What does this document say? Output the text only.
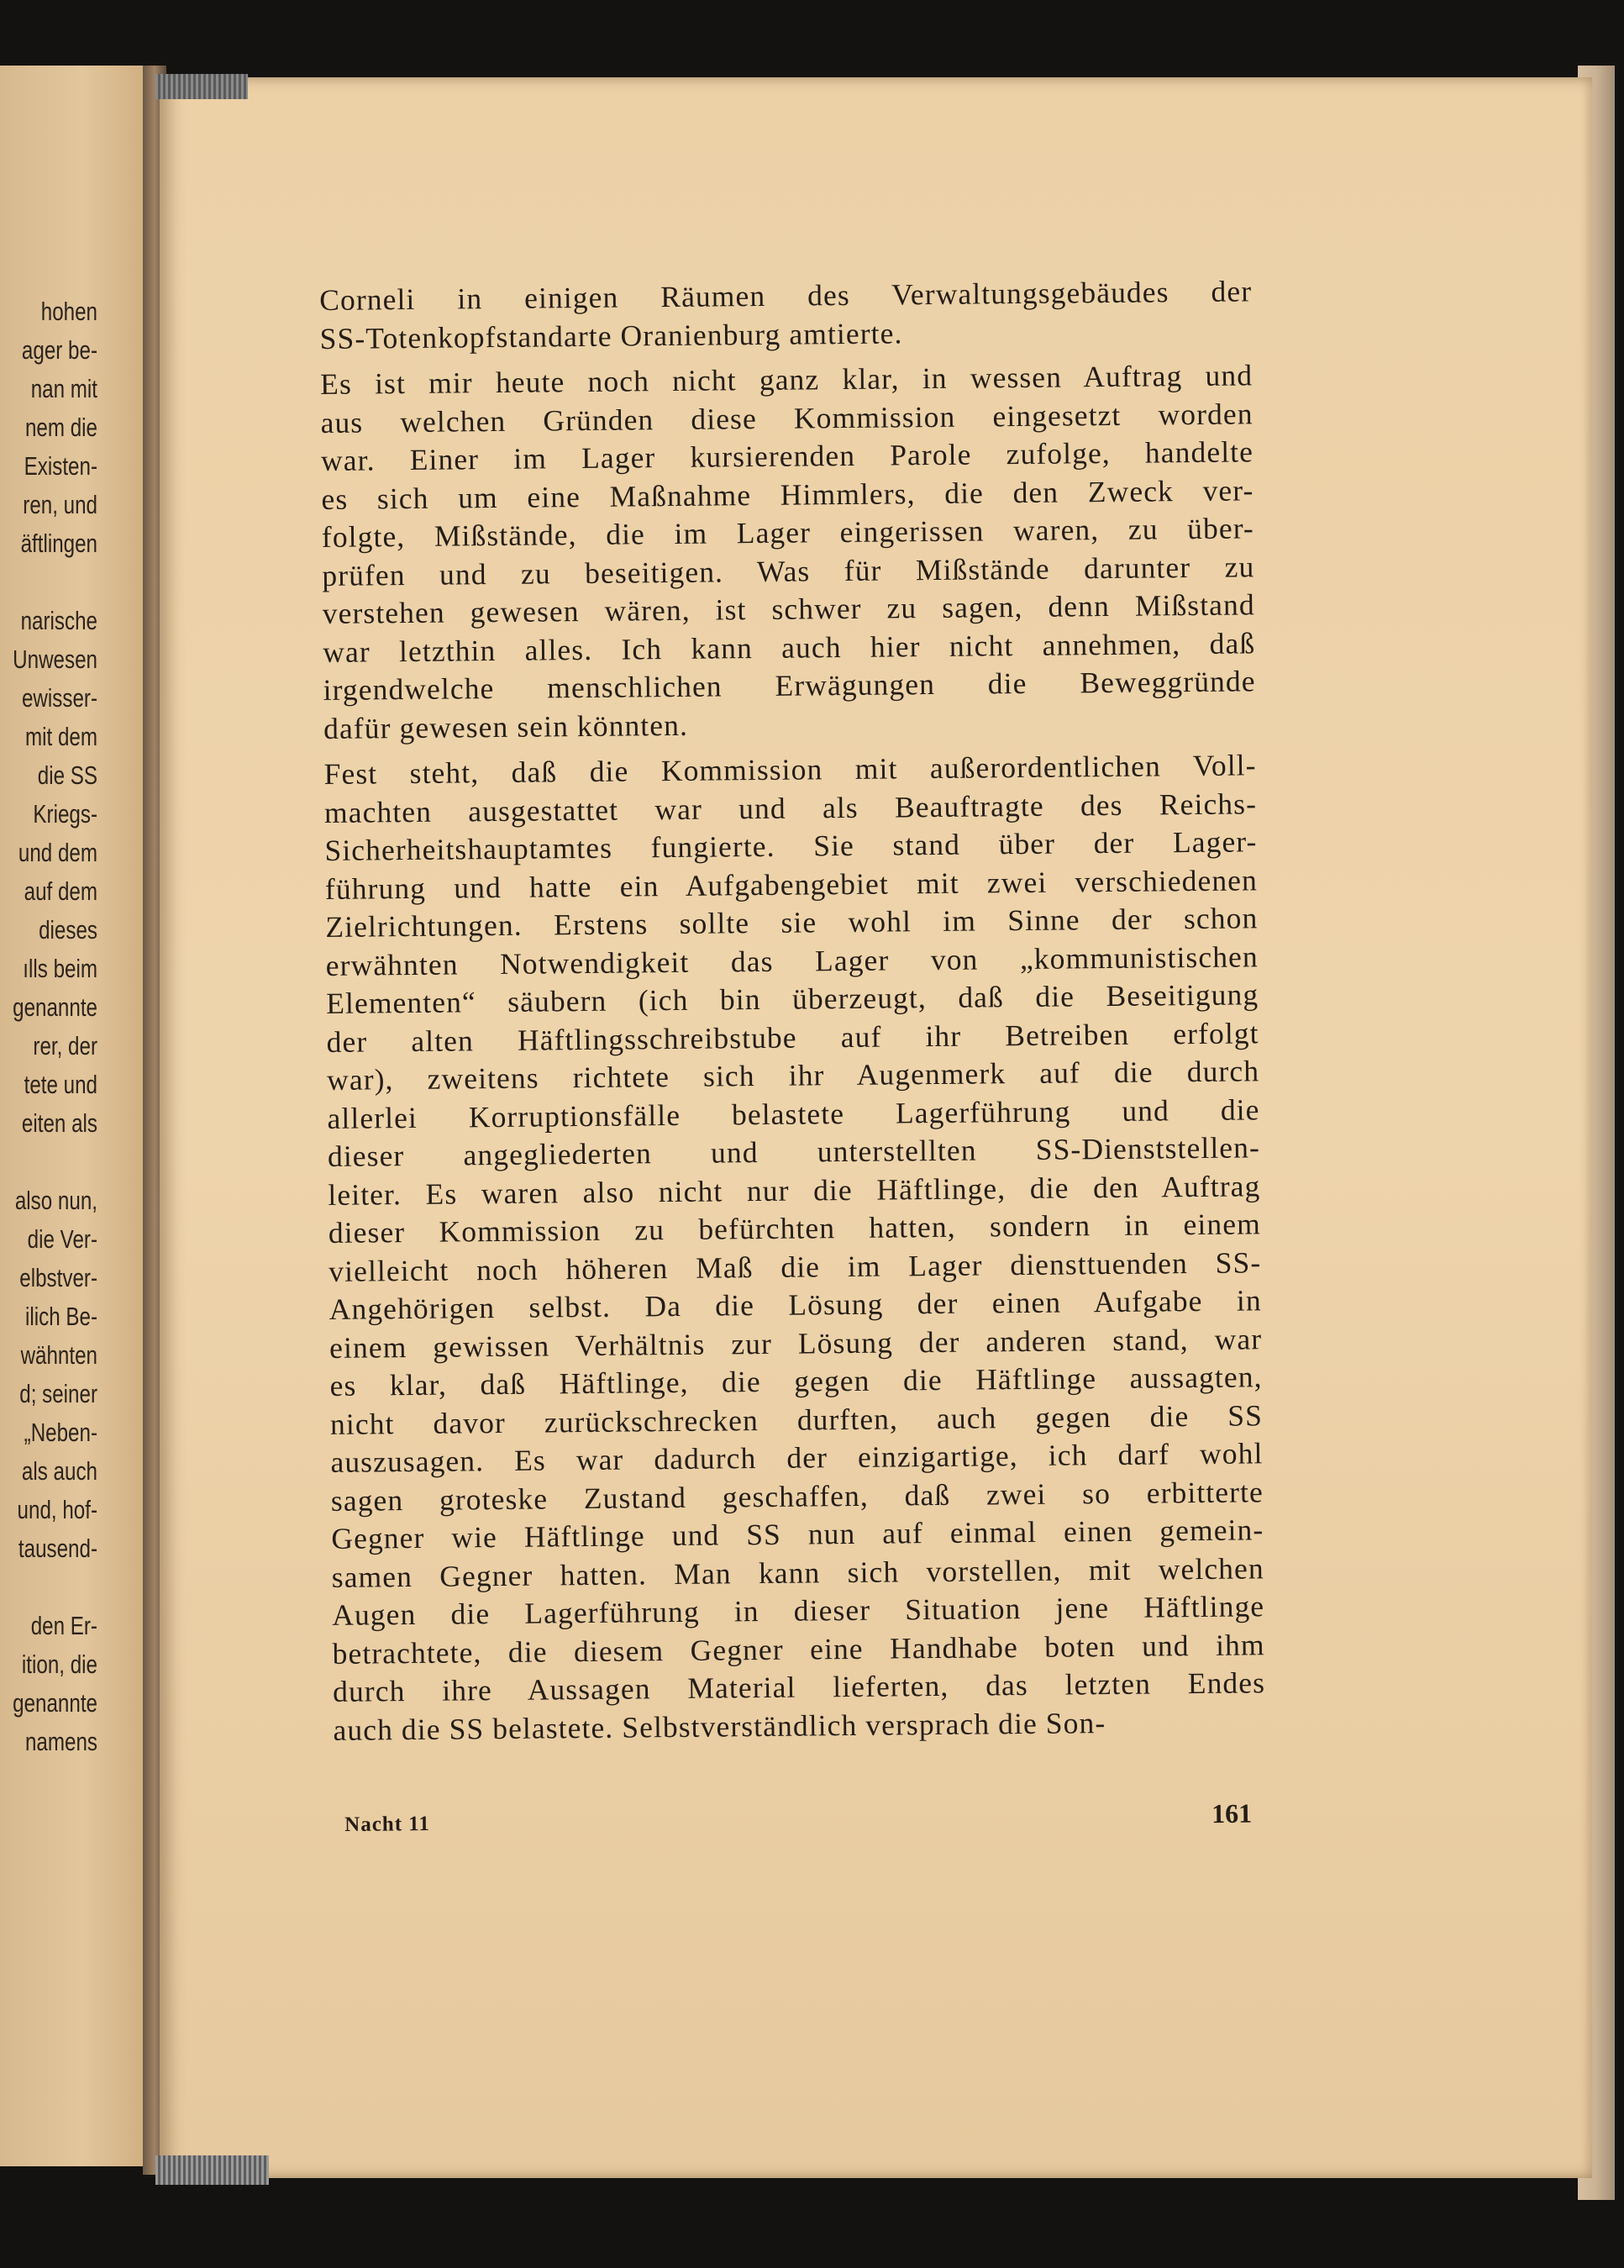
hohen
ager be-
nan mit
nem die
Existen-
ren, und
äftlingen
narische
Unwesen
ewisser-
mit dem
die SS
Kriegs-
und dem
auf dem
dieses
ılls beim
genannte
rer, der
tete und
eiten als
also nun,
die Ver-
elbstver-
ilich Be-
wähnten
d; seiner
„Neben-
als auch
und, hof-
tausend-
den Er-
ition, die
genannte
namens
Corneli in einigen Räumen des Verwaltungsgebäudes der
SS-Totenkopfstandarte Oranienburg amtierte.
Es ist mir heute noch nicht ganz klar, in wessen Auftrag und
aus welchen Gründen diese Kommission eingesetzt worden
war. Einer im Lager kursierenden Parole zufolge, handelte
es sich um eine Maßnahme Himmlers, die den Zweck ver-
folgte, Mißstände, die im Lager eingerissen waren, zu über-
prüfen und zu beseitigen. Was für Mißstände darunter zu
verstehen gewesen wären, ist schwer zu sagen, denn Mißstand
war letzthin alles. Ich kann auch hier nicht annehmen, daß
irgendwelche menschlichen Erwägungen die Beweggründe
dafür gewesen sein könnten.
Fest steht, daß die Kommission mit außerordentlichen Voll-
machten ausgestattet war und als Beauftragte des Reichs-
Sicherheitshauptamtes fungierte. Sie stand über der Lager-
führung und hatte ein Aufgabengebiet mit zwei verschiedenen
Zielrichtungen. Erstens sollte sie wohl im Sinne der schon
erwähnten Notwendigkeit das Lager von „kommunistischen
Elementen“ säubern (ich bin überzeugt, daß die Beseitigung
der alten Häftlingsschreibstube auf ihr Betreiben erfolgt
war), zweitens richtete sich ihr Augenmerk auf die durch
allerlei Korruptionsfälle belastete Lagerführung und die
dieser angegliederten und unterstellten SS-Dienststellen-
leiter. Es waren also nicht nur die Häftlinge, die den Auftrag
dieser Kommission zu befürchten hatten, sondern in einem
vielleicht noch höheren Maß die im Lager diensttuenden SS-
Angehörigen selbst. Da die Lösung der einen Aufgabe in
einem gewissen Verhältnis zur Lösung der anderen stand, war
es klar, daß Häftlinge, die gegen die Häftlinge aussagten,
nicht davor zurückschrecken durften, auch gegen die SS
auszusagen. Es war dadurch der einzigartige, ich darf wohl
sagen groteske Zustand geschaffen, daß zwei so erbitterte
Gegner wie Häftlinge und SS nun auf einmal einen gemein-
samen Gegner hatten. Man kann sich vorstellen, mit welchen
Augen die Lagerführung in dieser Situation jene Häftlinge
betrachtete, die diesem Gegner eine Handhabe boten und ihm
durch ihre Aussagen Material lieferten, das letzten Endes
auch die SS belastete. Selbstverständlich versprach die Son-
Nacht 11	161
